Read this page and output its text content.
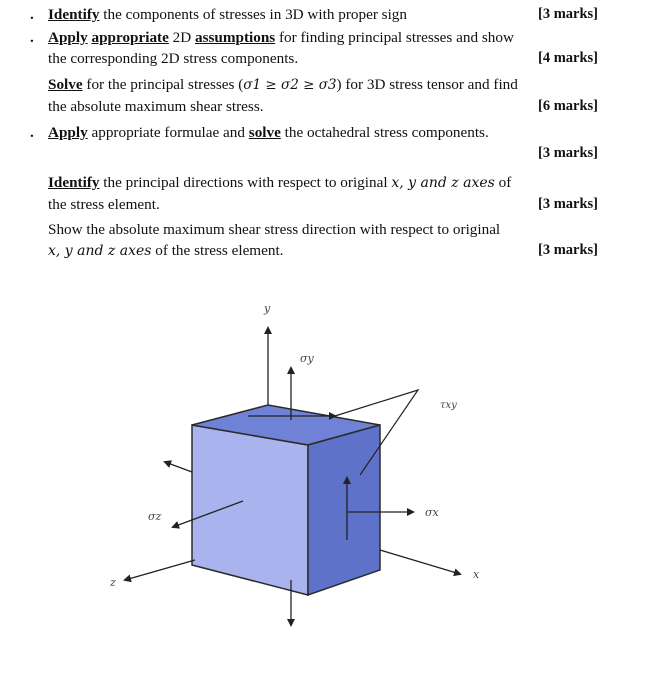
. Identify the components of stresses in 3D with proper sign	[3 marks]

. Apply appropriate 2D assumptions for finding principal stresses and show
the corresponding 2D stress components.	[4 marks]

Solve for the principal stresses (σ1 ≥ σ2 ≥ σ3) for 3D stress tensor and find
the absolute maximum shear stress.	[6 marks]

. Apply appropriate formulae and solve the octahedral stress components.
[3 marks]

Identify the principal directions with respect to original x, y and z axes of
the stress element.	[3 marks]

Show the absolute maximum shear stress direction with respect to original
x, y and z axes of the stress element.	[3 marks]

y
σy
τxy
σx
x
σz
z
